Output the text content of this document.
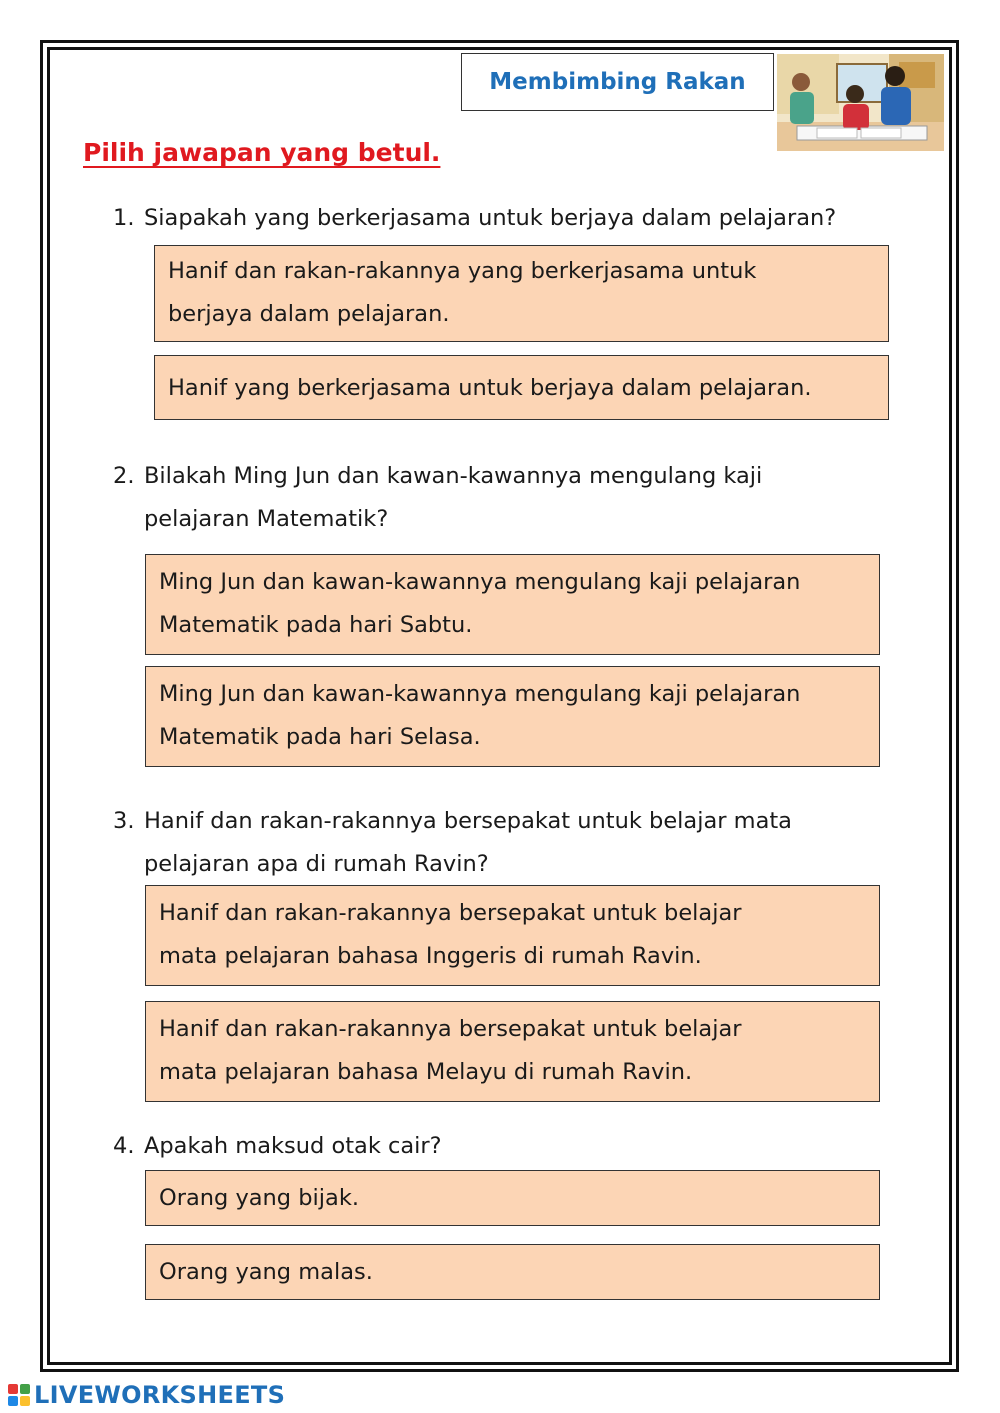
Membimbing Rakan
Pilih jawapan yang betul.
1. Siapakah yang berkerjasama untuk berjaya dalam pelajaran?
Hanif dan rakan-rakannya yang berkerjasama untuk
berjaya dalam pelajaran.
Hanif yang berkerjasama untuk berjaya dalam pelajaran.
2. Bilakah Ming Jun dan kawan-kawannya mengulang kaji
pelajaran Matematik?
Ming Jun dan kawan-kawannya mengulang kaji pelajaran
Matematik pada hari Sabtu.
Ming Jun dan kawan-kawannya mengulang kaji pelajaran
Matematik pada hari Selasa.
3. Hanif dan rakan-rakannya bersepakat untuk belajar mata
pelajaran apa di rumah Ravin?
Hanif dan rakan-rakannya bersepakat untuk belajar
mata pelajaran bahasa Inggeris di rumah Ravin.
Hanif dan rakan-rakannya bersepakat untuk belajar
mata pelajaran bahasa Melayu di rumah Ravin.
4. Apakah maksud otak cair?
Orang yang bijak.
Orang yang malas.
LIVEWORKSHEETS
